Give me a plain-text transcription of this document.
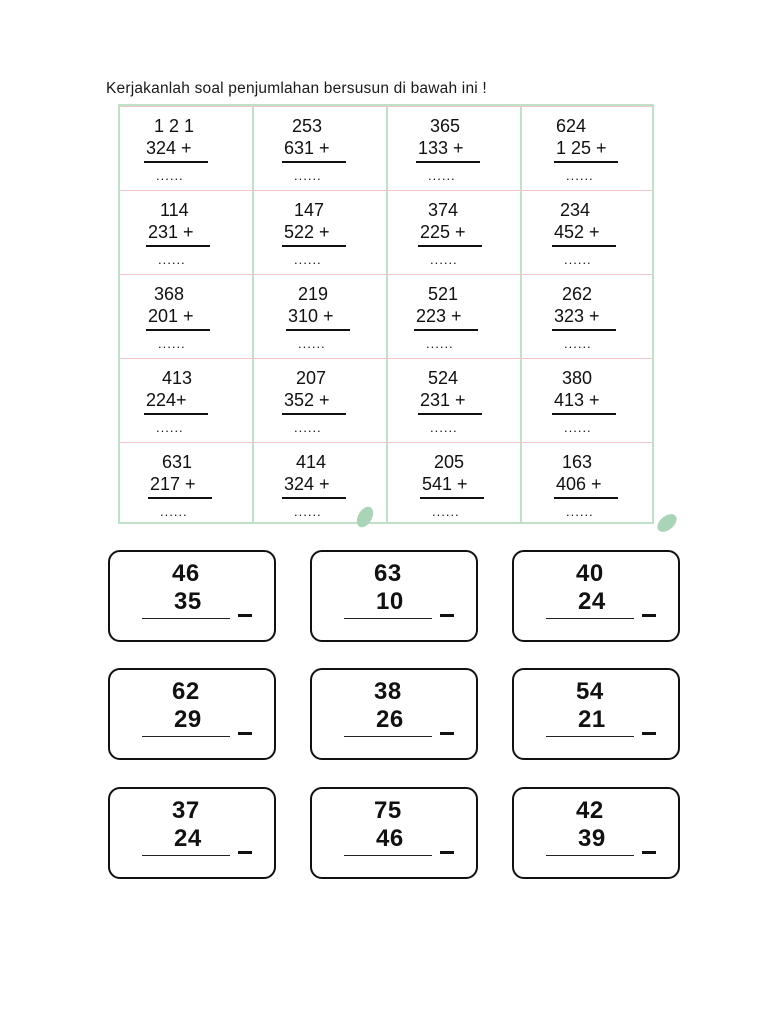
Kerjakanlah soal penjumlahan bersusun di bawah ini !
1 2 1
324 +
......
253
631 +
......
365
133 +
......
624
1 25 +
......
114
231 +
......
147
522 +
......
374
225 +
......
234
452 +
......
368
201 +
......
219
310 +
......
521
223 +
......
262
323 +
......
413
224+
......
207
352 +
......
524
231 +
......
380
413 +
......
631
217 +
......
414
324 +
......
205
541 +
......
163
406 +
......
46
35
63
10
40
24
62
29
38
26
54
21
37
24
75
46
42
39
